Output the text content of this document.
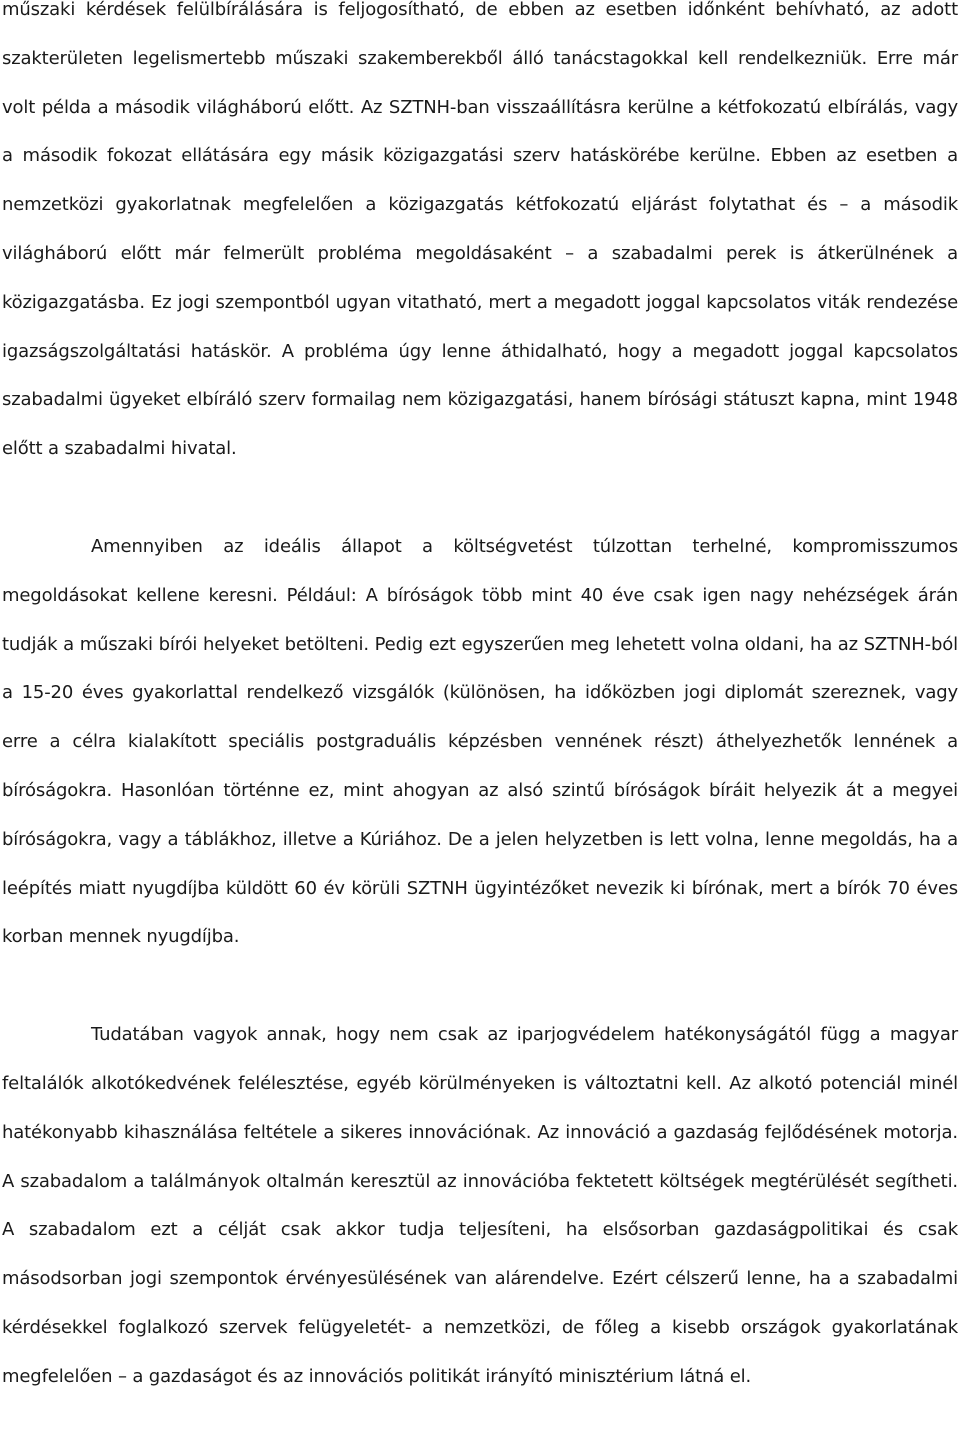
műszaki kérdések felülbírálására is feljogosítható, de ebben az esetben időnként behívható, az adott szakterületen legelismertebb műszaki szakemberekből álló tanácstagokkal kell rendelkezniük. Erre már volt példa a második világháború előtt. Az SZTNH-ban visszaállításra kerülne a kétfokozatú elbírálás, vagy a második fokozat ellátására egy másik közigazgatási szerv hatáskörébe kerülne. Ebben az esetben a nemzetközi gyakorlatnak megfelelően a közigazgatás kétfokozatú eljárást folytathat és – a második világháború előtt már felmerült probléma megoldásaként – a szabadalmi perek is átkerülnének a közigazgatásba. Ez jogi szempontból ugyan vitatható, mert a megadott joggal kapcsolatos viták rendezése igazságszolgáltatási hatáskör. A probléma úgy lenne áthidalható, hogy a megadott joggal kapcsolatos szabadalmi ügyeket elbíráló szerv formailag nem közigazgatási, hanem bírósági státuszt kapna, mint 1948 előtt a szabadalmi hivatal.

Amennyiben az ideális állapot a költségvetést túlzottan terhelné, kompromisszumos megoldásokat kellene keresni. Például: A bíróságok több mint 40 éve csak igen nagy nehézségek árán tudják a műszaki bírói helyeket betölteni. Pedig ezt egyszerűen meg lehetett volna oldani, ha az SZTNH-ból a 15-20 éves gyakorlattal rendelkező vizsgálók (különösen, ha időközben jogi diplomát szereznek, vagy erre a célra kialakított speciális postgraduális képzésben vennének részt) áthelyezhetők lennének a bíróságokra. Hasonlóan történne ez, mint ahogyan az alsó szintű bíróságok bíráit helyezik át a megyei bíróságokra, vagy a táblákhoz, illetve a Kúriához. De a jelen helyzetben is lett volna, lenne megoldás, ha a leépítés miatt nyugdíjba küldött 60 év körüli SZTNH ügyintézőket nevezik ki bírónak, mert a bírók 70 éves korban mennek nyugdíjba.

Tudatában vagyok annak, hogy nem csak az iparjogvédelem hatékonyságától függ a magyar feltalálók alkotókedvének felélesztése, egyéb körülményeken is változtatni kell. Az alkotó potenciál minél hatékonyabb kihasználása feltétele a sikeres innovációnak. Az innováció a gazdaság fejlődésének motorja. A szabadalom a találmányok oltalmán keresztül az innovációba fektetett költségek megtérülését segítheti. A szabadalom ezt a célját csak akkor tudja teljesíteni, ha elsősorban gazdaságpolitikai és csak másodsorban jogi szempontok érvényesülésének van alárendelve. Ezért célszerű lenne, ha a szabadalmi kérdésekkel foglalkozó szervek felügyeletét- a nemzetközi, de főleg a kisebb országok gyakorlatának megfelelően – a gazdaságot és az innovációs politikát irányító minisztérium látná el.
